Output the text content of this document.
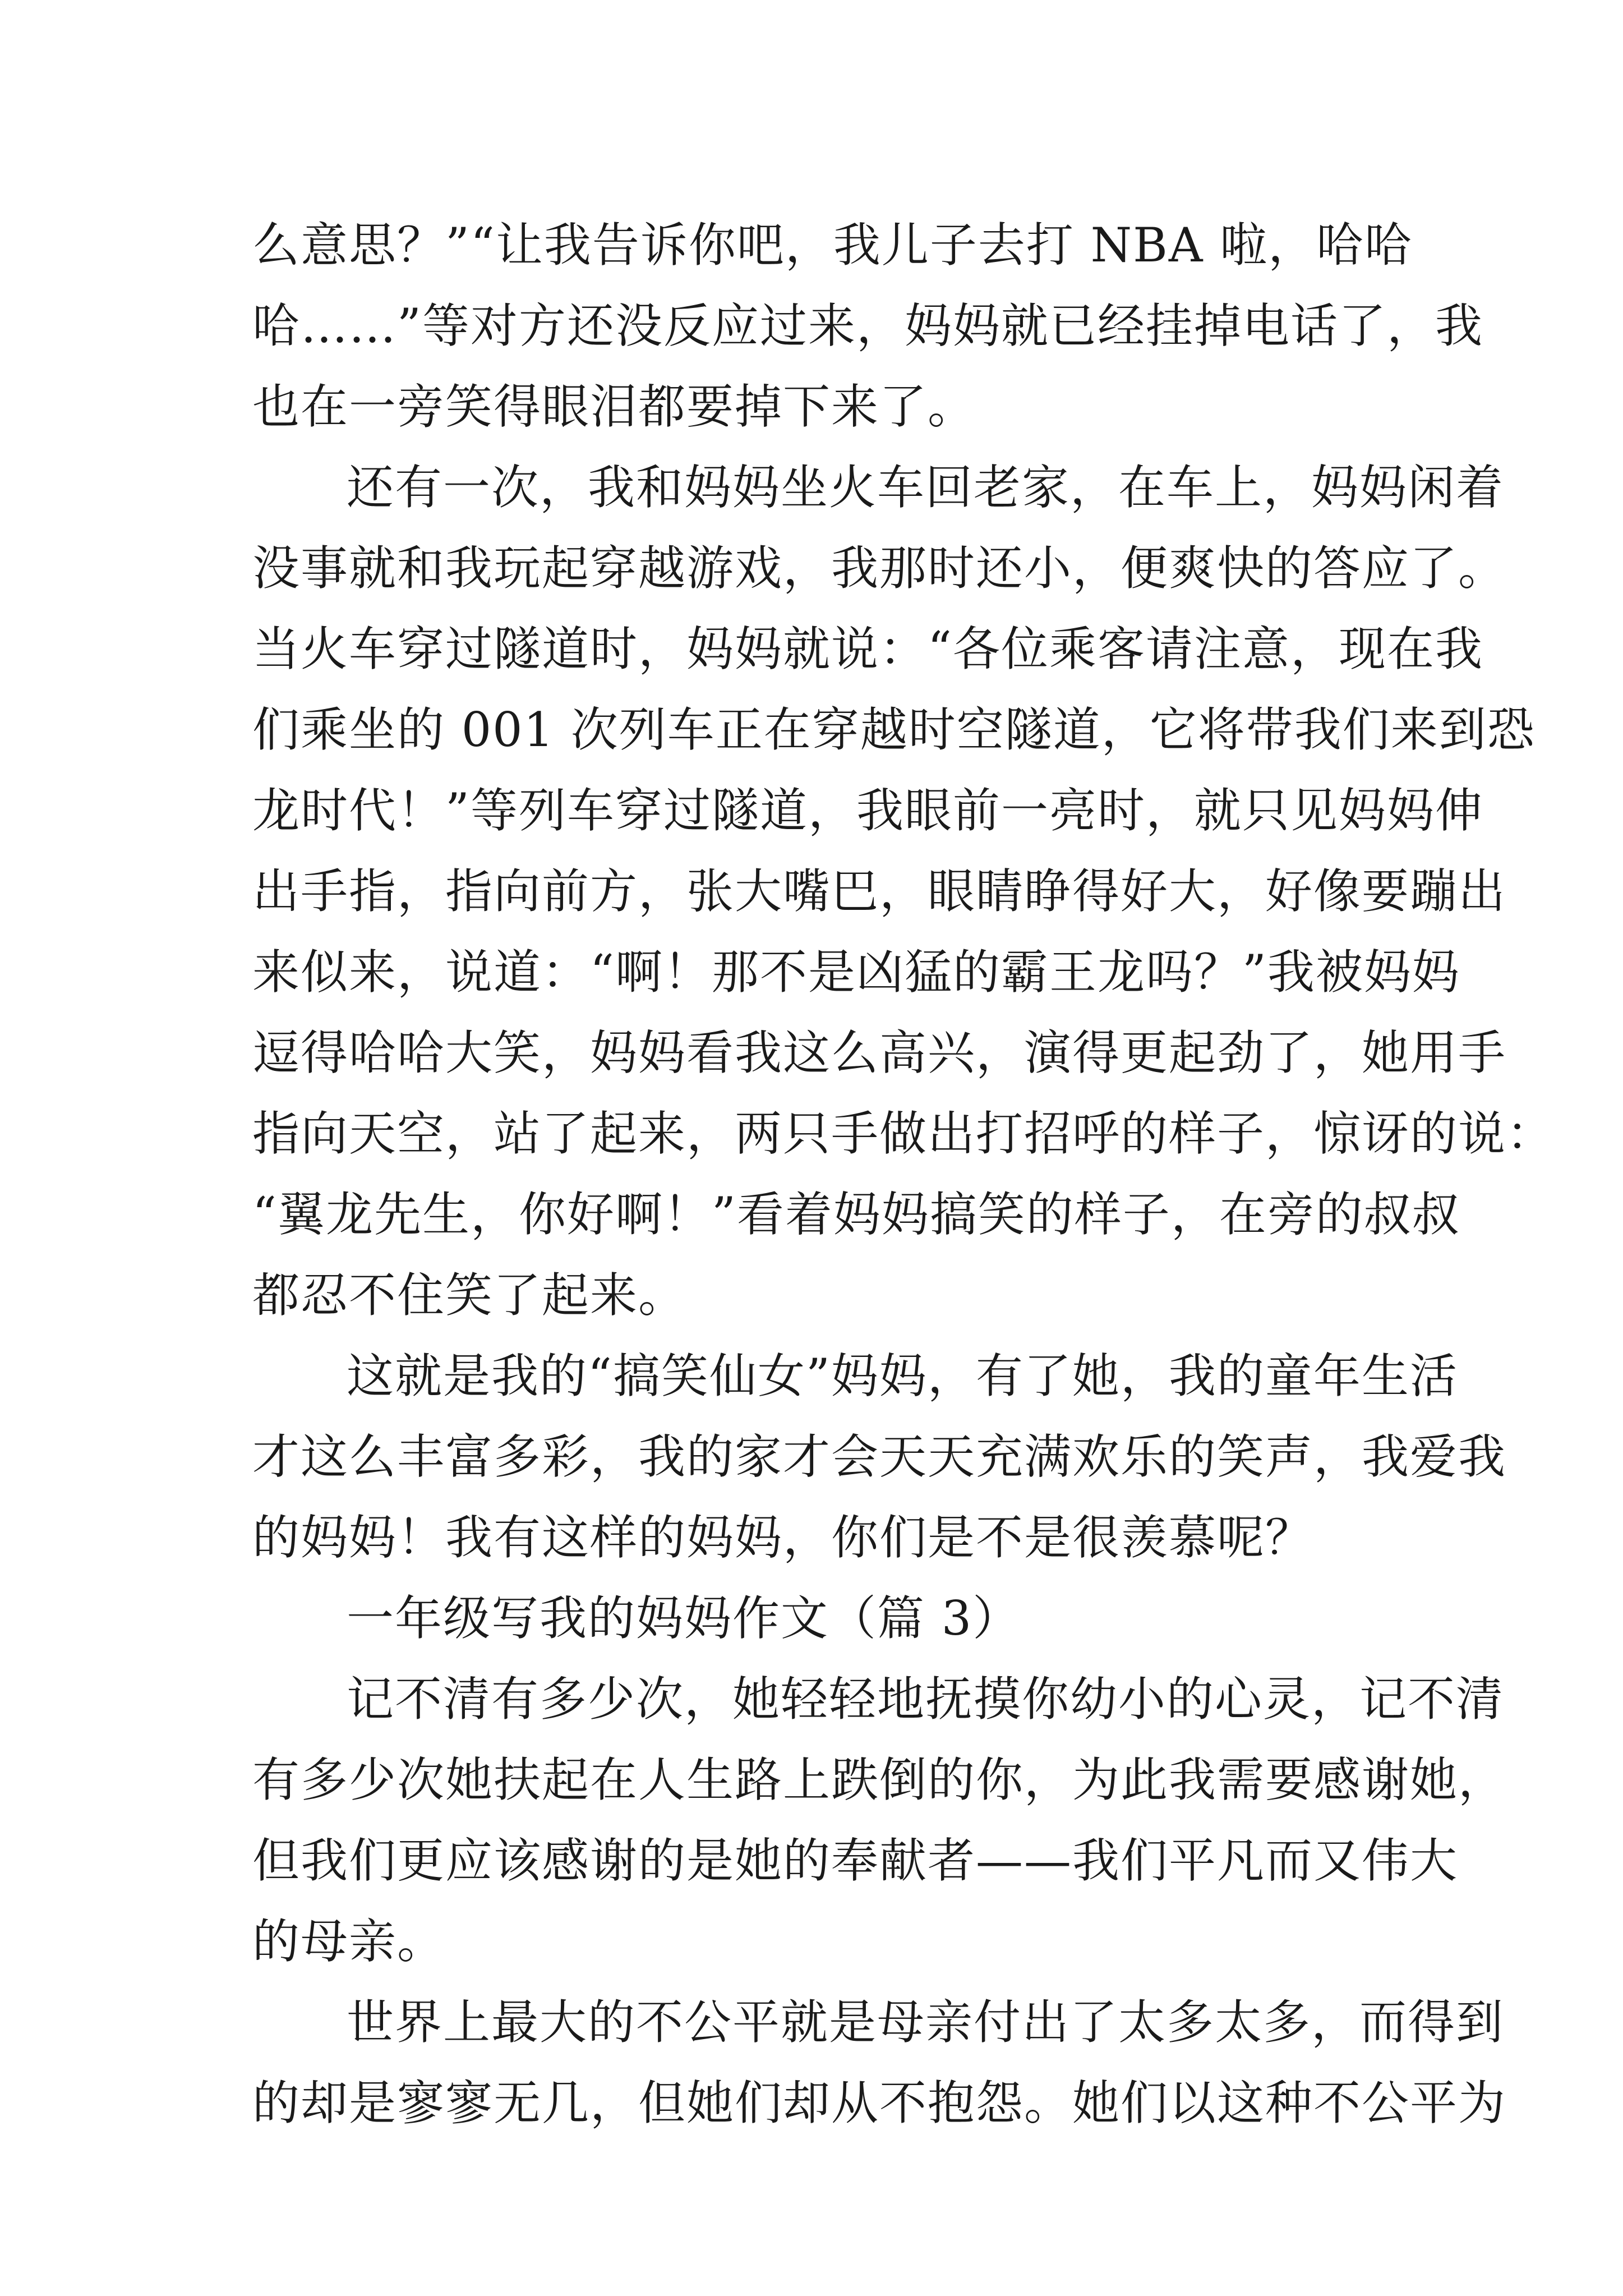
么意思？”“让我告诉你吧，我儿子去打 NBA 啦，哈哈
哈……”等对方还没反应过来，妈妈就已经挂掉电话了，我
也在一旁笑得眼泪都要掉下来了。
还有一次，我和妈妈坐火车回老家，在车上，妈妈闲着
没事就和我玩起穿越游戏，我那时还小，便爽快的答应了。
当火车穿过隧道时，妈妈就说：“各位乘客请注意，现在我
们乘坐的 001 次列车正在穿越时空隧道，它将带我们来到恐
龙时代！”等列车穿过隧道，我眼前一亮时，就只见妈妈伸
出手指，指向前方，张大嘴巴，眼睛睁得好大，好像要蹦出
来似来，说道：“啊！那不是凶猛的霸王龙吗？”我被妈妈
逗得哈哈大笑，妈妈看我这么高兴，演得更起劲了，她用手
指向天空，站了起来，两只手做出打招呼的样子，惊讶的说：
“翼龙先生，你好啊！”看着妈妈搞笑的样子，在旁的叔叔
都忍不住笑了起来。
这就是我的“搞笑仙女”妈妈，有了她，我的童年生活
才这么丰富多彩，我的家才会天天充满欢乐的笑声，我爱我
的妈妈！我有这样的妈妈，你们是不是很羡慕呢？
一年级写我的妈妈作文（篇 3）
记不清有多少次，她轻轻地抚摸你幼小的心灵，记不清
有多少次她扶起在人生路上跌倒的你，为此我需要感谢她，
但我们更应该感谢的是她的奉献者——我们平凡而又伟大
的母亲。
世界上最大的不公平就是母亲付出了太多太多，而得到
的却是寥寥无几，但她们却从不抱怨。她们以这种不公平为
